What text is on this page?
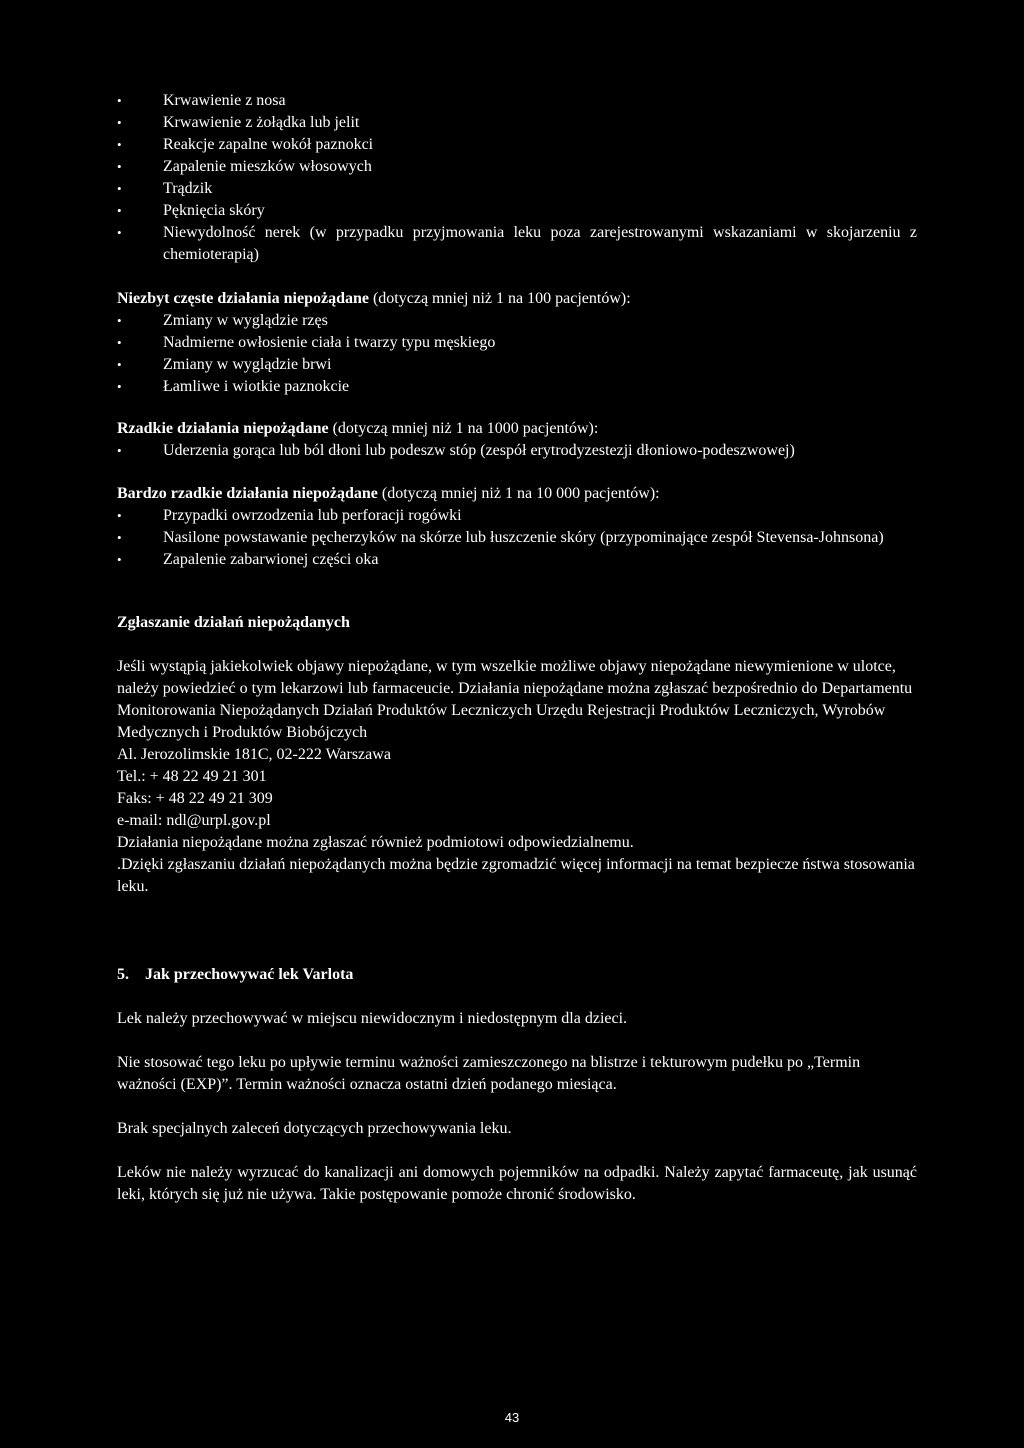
• Krwawienie z nosa
• Krwawienie z żołądka lub jelit
• Reakcje zapalne wokół paznokci
• Zapalenie mieszków włosowych
• Trądzik
• Pęknięcia skóry
• Niewydolność nerek (w przypadku przyjmowania leku poza zarejestrowanymi wskazaniami w skojarzeniu z chemioterapią)

Niezbyt częste działania niepożądane (dotyczą mniej niż 1 na 100 pacjentów):

• Zmiany w wyglądzie rzęs
• Nadmierne owłosienie ciała i twarzy typu męskiego
• Zmiany w wyglądzie brwi
• Łamliwe i wiotkie paznokcie

Rzadkie działania niepożądane (dotyczą mniej niż 1 na 1000 pacjentów):

• Uderzenia gorąca lub ból dłoni lub podeszw stóp (zespół erytrodyzestezji dłoniowo-podeszwowej)

Bardzo rzadkie działania niepożądane (dotyczą mniej niż 1 na 10 000 pacjentów):

• Przypadki owrzodzenia lub perforacji rogówki
• Nasilone powstawanie pęcherzyków na skórze lub łuszczenie skóry (przypominające zespół Stevensa-Johnsona)
• Zapalenie zabarwionej części oka

Zgłaszanie działań niepożądanych

Jeśli wystąpią jakiekolwiek objawy niepożądane, w tym wszelkie możliwe objawy niepożądane niewymienione w ulotce, należy powiedzieć o tym lekarzowi lub farmaceucie. Działania niepożądane można zgłaszać bezpośrednio do Departamentu Monitorowania Niepożądanych Działań Produktów Leczniczych Urzędu Rejestracji Produktów Leczniczych, Wyrobów Medycznych i Produktów Biobójczych

Al. Jerozolimskie 181C, 02-222 Warszawa

Tel.: + 48 22 49 21 301

Faks: + 48 22 49 21 309

e-mail: ndl@urpl.gov.pl

Działania niepożądane można zgłaszać również podmiotowi odpowiedzialnemu.

.Dzięki zgłaszaniu działań niepożądanych można będzie zgromadzić więcej informacji na temat bezpiecze ństwa stosowania leku.

5.    Jak przechowywać lek Varlota

Lek należy przechowywać w miejscu niewidocznym i niedostępnym dla dzieci.

Nie stosować tego leku po upływie terminu ważności zamieszczonego na blistrze i tekturowym pudełku po „Termin ważności (EXP)”. Termin ważności oznacza ostatni dzień podanego miesiąca.

Brak specjalnych zaleceń dotyczących przechowywania leku.

Leków nie należy wyrzucać do kanalizacji ani domowych pojemników na odpadki. Należy zapytać farmaceutę, jak usunąć leki, których się już nie używa. Takie postępowanie pomoże chronić środowisko.

43
